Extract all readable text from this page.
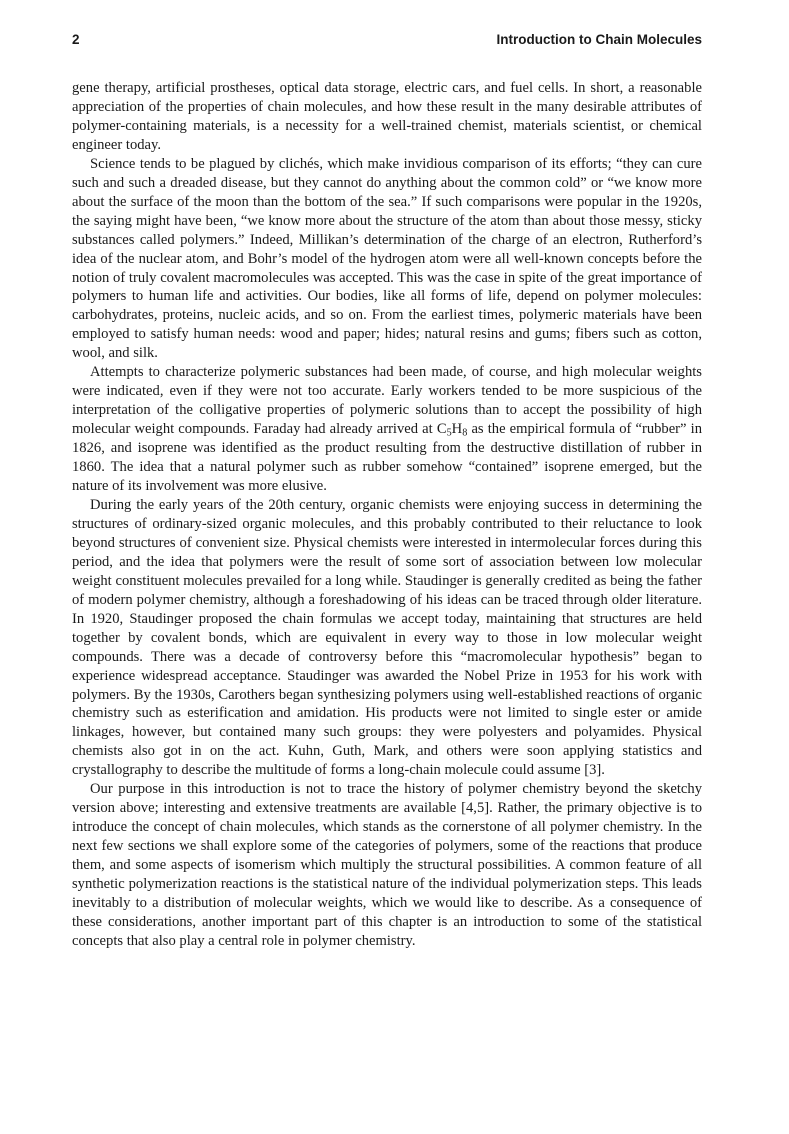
2	Introduction to Chain Molecules

gene therapy, artificial prostheses, optical data storage, electric cars, and fuel cells. In short, a reasonable appreciation of the properties of chain molecules, and how these result in the many desirable attributes of polymer-containing materials, is a necessity for a well-trained chemist, materials scientist, or chemical engineer today.

Science tends to be plagued by clichés, which make invidious comparison of its efforts; “they can cure such and such a dreaded disease, but they cannot do anything about the common cold” or “we know more about the surface of the moon than the bottom of the sea.” If such comparisons were popular in the 1920s, the saying might have been, “we know more about the structure of the atom than about those messy, sticky substances called polymers.” Indeed, Millikan’s determination of the charge of an electron, Rutherford’s idea of the nuclear atom, and Bohr’s model of the hydrogen atom were all well-known concepts before the notion of truly covalent macromolecules was accepted. This was the case in spite of the great importance of polymers to human life and activities. Our bodies, like all forms of life, depend on polymer molecules: carbohydrates, proteins, nucleic acids, and so on. From the earliest times, polymeric materials have been employed to satisfy human needs: wood and paper; hides; natural resins and gums; fibers such as cotton, wool, and silk.

Attempts to characterize polymeric substances had been made, of course, and high molecular weights were indicated, even if they were not too accurate. Early workers tended to be more suspicious of the interpretation of the colligative properties of polymeric solutions than to accept the possibility of high molecular weight compounds. Faraday had already arrived at $C_5H_8$ as the empirical formula of “rubber” in 1826, and isoprene was identified as the product resulting from the destructive distillation of rubber in 1860. The idea that a natural polymer such as rubber somehow “contained” isoprene emerged, but the nature of its involvement was more elusive.

During the early years of the 20th century, organic chemists were enjoying success in determining the structures of ordinary-sized organic molecules, and this probably contributed to their reluctance to look beyond structures of convenient size. Physical chemists were interested in intermolecular forces during this period, and the idea that polymers were the result of some sort of association between low molecular weight constituent molecules prevailed for a long while. Staudinger is generally credited as being the father of modern polymer chemistry, although a foreshadowing of his ideas can be traced through older literature. In 1920, Staudinger proposed the chain formulas we accept today, maintaining that structures are held together by covalent bonds, which are equivalent in every way to those in low molecular weight compounds. There was a decade of controversy before this “macromolecular hypothesis” began to experience widespread acceptance. Staudinger was awarded the Nobel Prize in 1953 for his work with polymers. By the 1930s, Carothers began synthesizing polymers using well-established reactions of organic chemistry such as esterification and amidation. His products were not limited to single ester or amide linkages, however, but contained many such groups: they were polyesters and polyamides. Physical chemists also got in on the act. Kuhn, Guth, Mark, and others were soon applying statistics and crystallography to describe the multitude of forms a long-chain molecule could assume [3].

Our purpose in this introduction is not to trace the history of polymer chemistry beyond the sketchy version above; interesting and extensive treatments are available [4,5]. Rather, the primary objective is to introduce the concept of chain molecules, which stands as the cornerstone of all polymer chemistry. In the next few sections we shall explore some of the categories of polymers, some of the reactions that produce them, and some aspects of isomerism which multiply the structural possibilities. A common feature of all synthetic polymerization reactions is the statistical nature of the individual polymerization steps. This leads inevitably to a distribution of molecular weights, which we would like to describe. As a consequence of these considerations, another important part of this chapter is an introduction to some of the statistical concepts that also play a central role in polymer chemistry.
